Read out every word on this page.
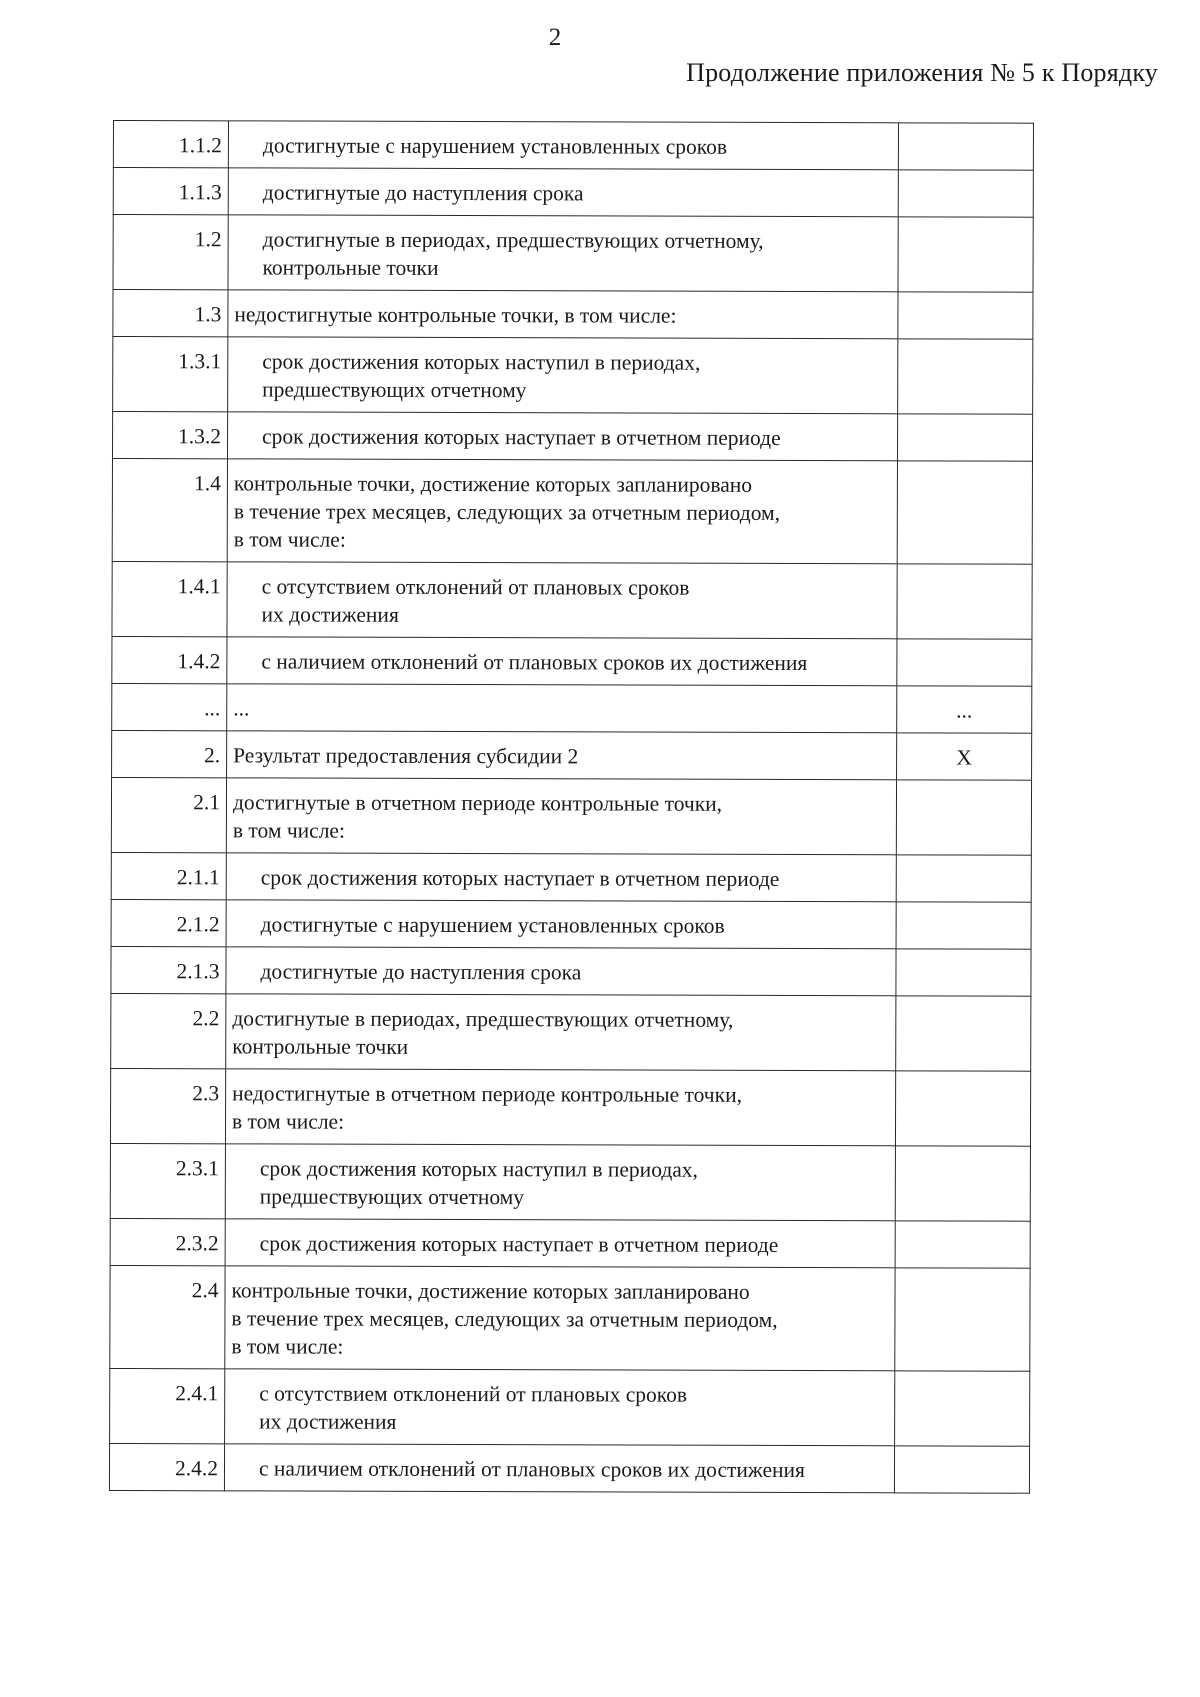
2
Продолжение приложения № 5 к Порядку
1.1.2	достигнутые с нарушением установленных сроков	

1.1.3	достигнутые до наступления срока	

1.2	достигнутые в периодах, предшествующих отчетному,
контрольные точки	

1.3	недостигнутые контрольные точки, в том числе:	

1.3.1	срок достижения которых наступил в периодах,
предшествующих отчетному	

1.3.2	срок достижения которых наступает в отчетном периоде	

1.4	контрольные точки, достижение которых запланировано
в течение трех месяцев, следующих за отчетным периодом,
в том числе:	

1.4.1	с отсутствием отклонений от плановых сроков
их достижения	

1.4.2	с наличием отклонений от плановых сроков их достижения	

...	...	...
2.	Результат предоставления субсидии 2	X
2.1	достигнутые в отчетном периоде контрольные точки,
в том числе:	

2.1.1	срок достижения которых наступает в отчетном периоде	

2.1.2	достигнутые с нарушением установленных сроков	

2.1.3	достигнутые до наступления срока	

2.2	достигнутые в периодах, предшествующих отчетному,
контрольные точки	

2.3	недостигнутые в отчетном периоде контрольные точки,
в том числе:	

2.3.1	срок достижения которых наступил в периодах,
предшествующих отчетному	

2.3.2	срок достижения которых наступает в отчетном периоде	

2.4	контрольные точки, достижение которых запланировано
в течение трех месяцев, следующих за отчетным периодом,
в том числе:	

2.4.1	с отсутствием отклонений от плановых сроков
их достижения	

2.4.2	с наличием отклонений от плановых сроков их достижения	
